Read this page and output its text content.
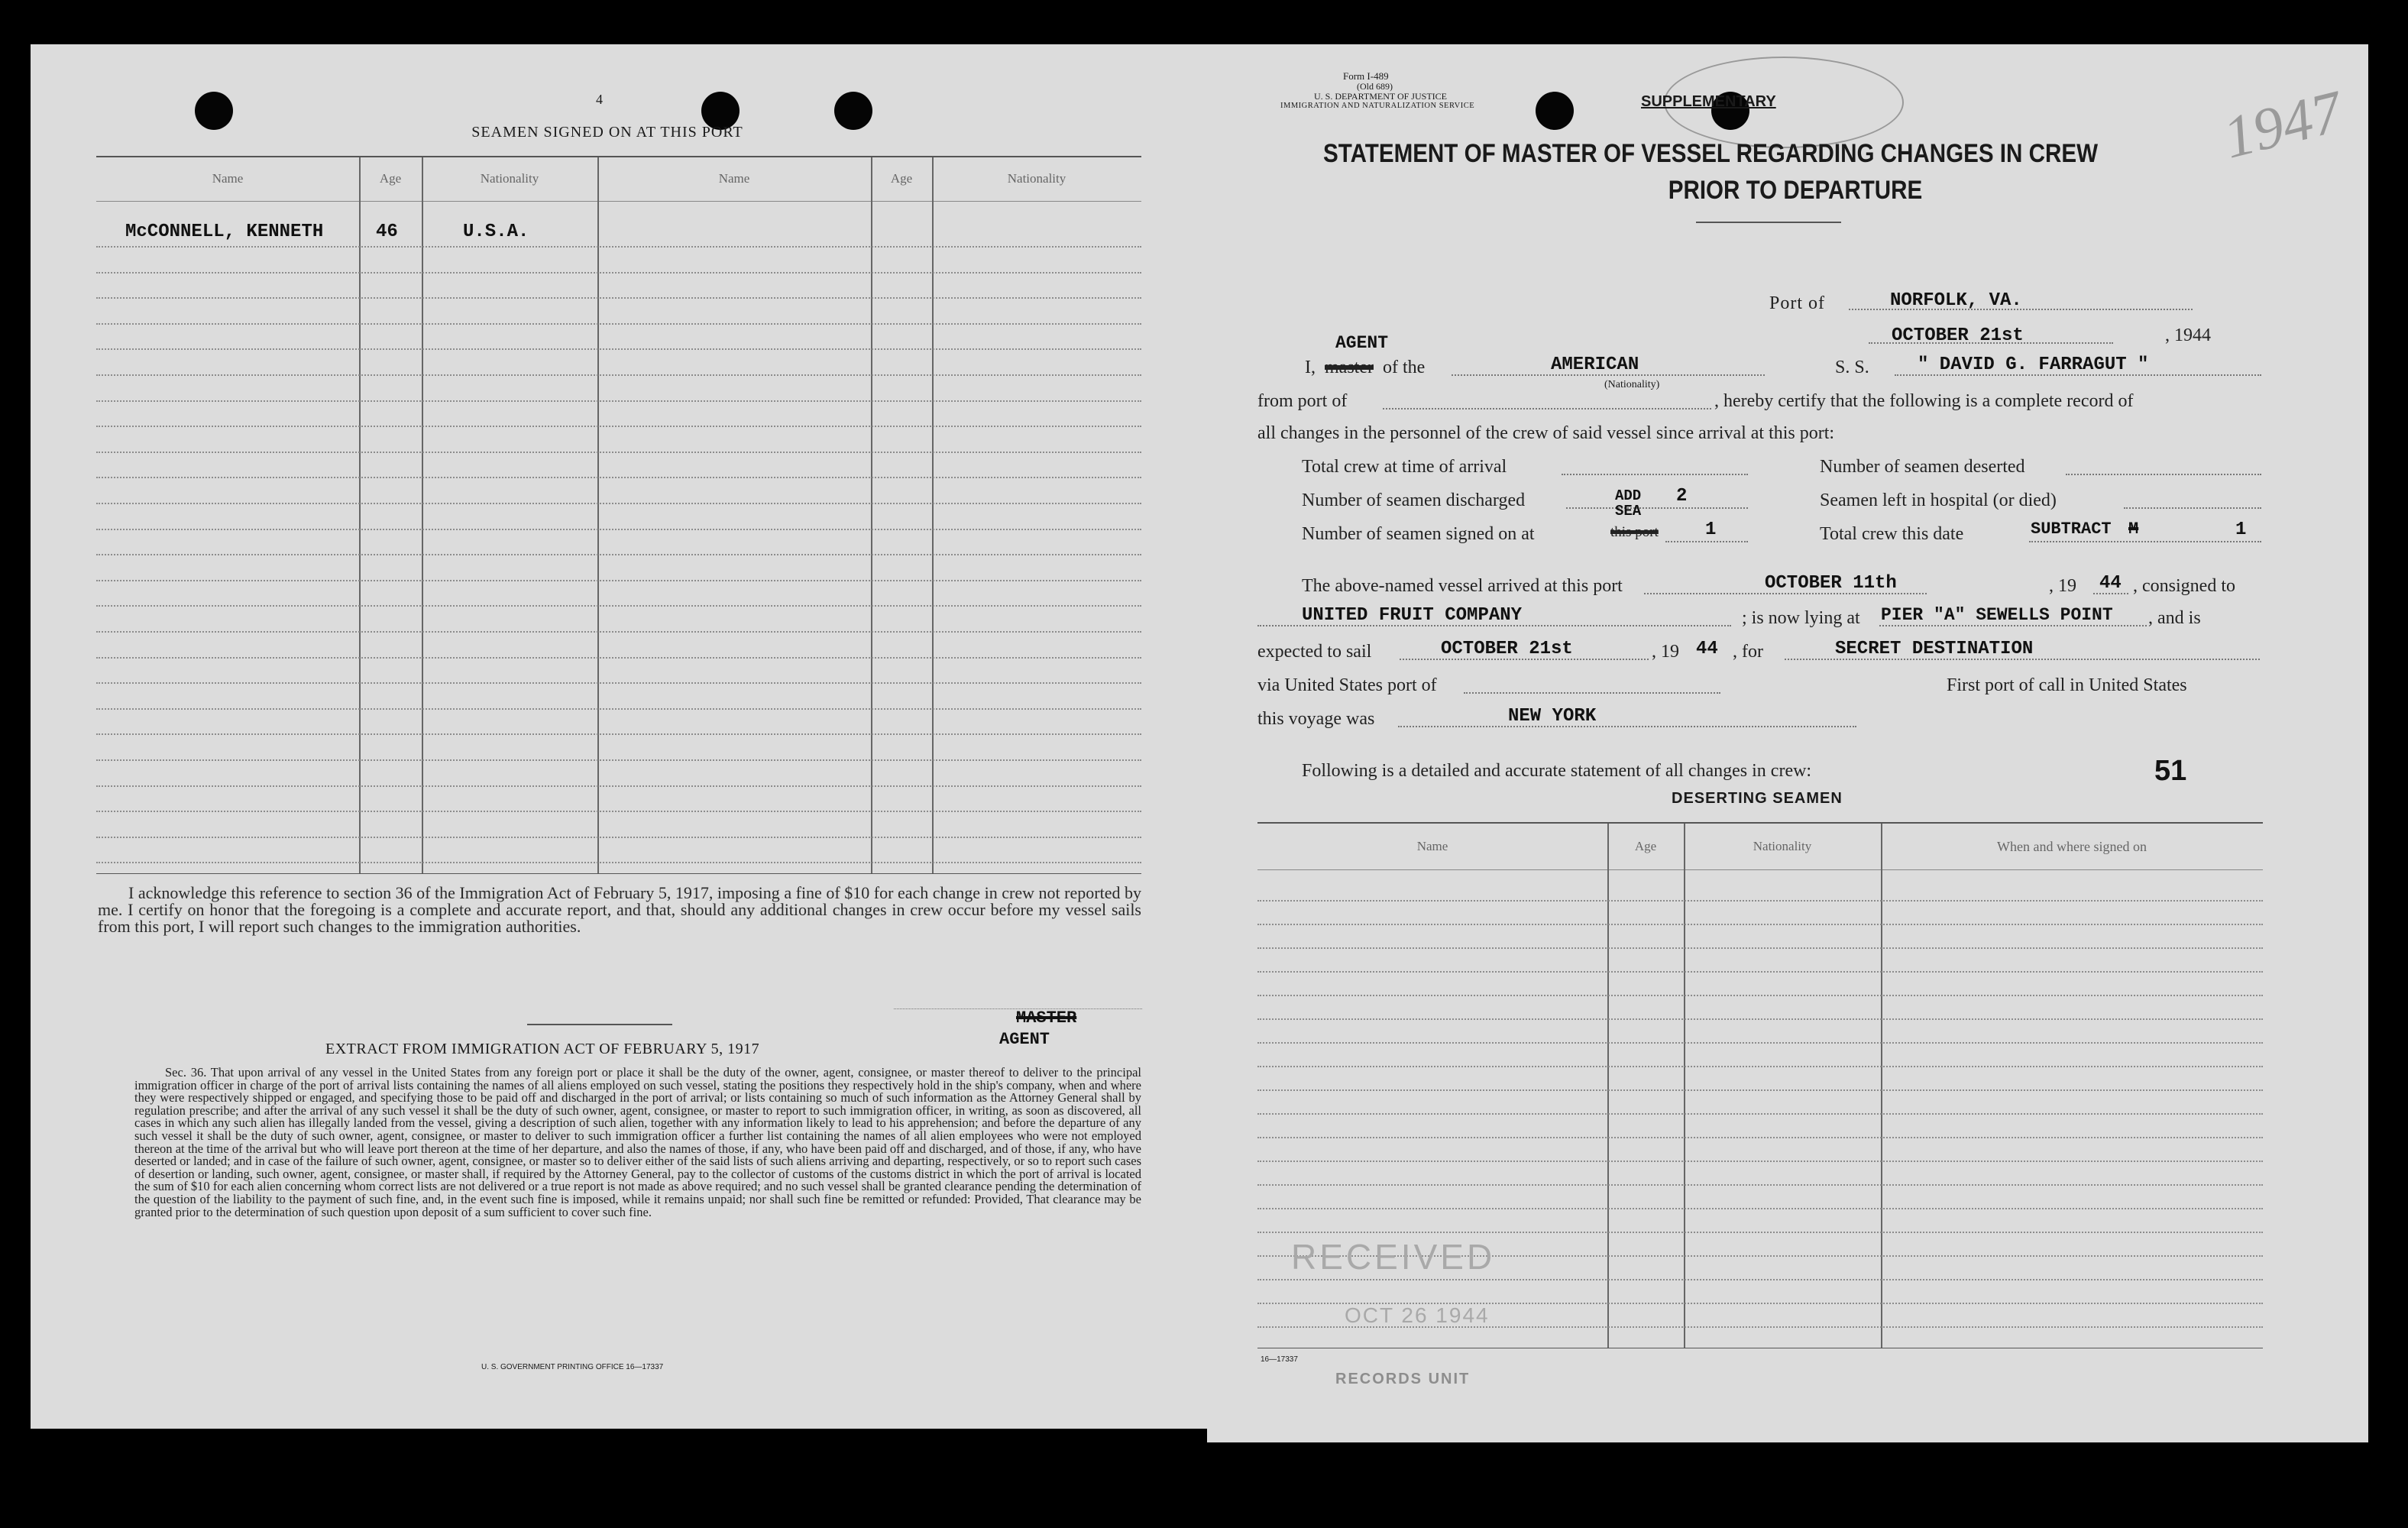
4
SEAMEN SIGNED ON AT THIS PORT
Name	Age	Nationality	Name	Age	Nationality
McCONNELL, KENNETH	46	U.S.A.
I acknowledge this reference to section 36 of the Immigration Act of February 5, 1917, imposing a fine of $10 for each change in crew not reported by me. I certify on honor that the foregoing is a complete and accurate report, and that, should any additional changes in crew occur before my vessel sails from this port, I will report such changes to the immigration authorities.
MASTER
AGENT
EXTRACT FROM IMMIGRATION ACT OF FEBRUARY 5, 1917
Sec. 36. That upon arrival of any vessel in the United States from any foreign port or place it shall be the duty of the owner, agent, consignee, or master thereof to deliver to the principal immigration officer in charge of the port of arrival lists containing the names of all aliens employed on such vessel, stating the positions they respectively hold in the ship's company, when and where they were respectively shipped or engaged, and specifying those to be paid off and discharged in the port of arrival; or lists containing so much of such information as the Attorney General shall by regulation prescribe; and after the arrival of any such vessel it shall be the duty of such owner, agent, consignee, or master to report to such immigration officer, in writing, as soon as discovered, all cases in which any such alien has illegally landed from the vessel, giving a description of such alien, together with any information likely to lead to his apprehension; and before the departure of any such vessel it shall be the duty of such owner, agent, consignee, or master to deliver to such immigration officer a further list containing the names of all alien employees who were not employed thereon at the time of the arrival but who will leave port thereon at the time of her departure, and also the names of those, if any, who have been paid off and discharged, and of those, if any, who have deserted or landed; and in case of the failure of such owner, agent, consignee, or master so to deliver either of the said lists of such aliens arriving and departing, respectively, or so to report such cases of desertion or landing, such owner, agent, consignee, or master shall, if required by the Attorney General, pay to the collector of customs of the customs district in which the port of arrival is located the sum of $10 for each alien concerning whom correct lists are not delivered or a true report is not made as above required; and no such vessel shall be granted clearance pending the determination of the question of the liability to the payment of such fine, and, in the event such fine is imposed, while it remains unpaid; nor shall such fine be remitted or refunded: Provided, That clearance may be granted prior to the determination of such question upon deposit of a sum sufficient to cover such fine.
U. S. GOVERNMENT PRINTING OFFICE 16—17337
Form I-489
(Old 689)
U. S. DEPARTMENT OF JUSTICE
IMMIGRATION AND NATURALIZATION SERVICE	SUPPLEMENTARY	1947
STATEMENT OF MASTER OF VESSEL REGARDING CHANGES IN CREW
PRIOR TO DEPARTURE
Port of	NORFOLK, VA.
OCTOBER 21st	, 1944
AGENT
I, master of the	AMERICAN
(Nationality)
S. S.	" DAVID G. FARRAGUT "
from port of	, hereby certify that the following is a complete record of
all changes in the personnel of the crew of said vessel since arrival at this port:
Total crew at time of arrival
Number of seamen discharged	ADD
SEA
2
Number of seamen signed on at	this port	1
Number of seamen deserted
Seamen left in hospital (or died)
Total crew this date	SUBTRACT M	1
The above-named vessel arrived at this port	OCTOBER 11th	, 19 44 , consigned to
UNITED FRUIT COMPANY	; is now lying at PIER "A" SEWELLS POINT , and is
expected to sail	OCTOBER 21st	, 19 44 , for	SECRET DESTINATION
via United States port of	First port of call in United States
this voyage was	NEW YORK
Following is a detailed and accurate statement of all changes in crew:	51
DESERTING SEAMEN
Name	Age	Nationality	When and where signed on
RECEIVED
OCT 26 1944
16—17337
RECORDS UNIT
